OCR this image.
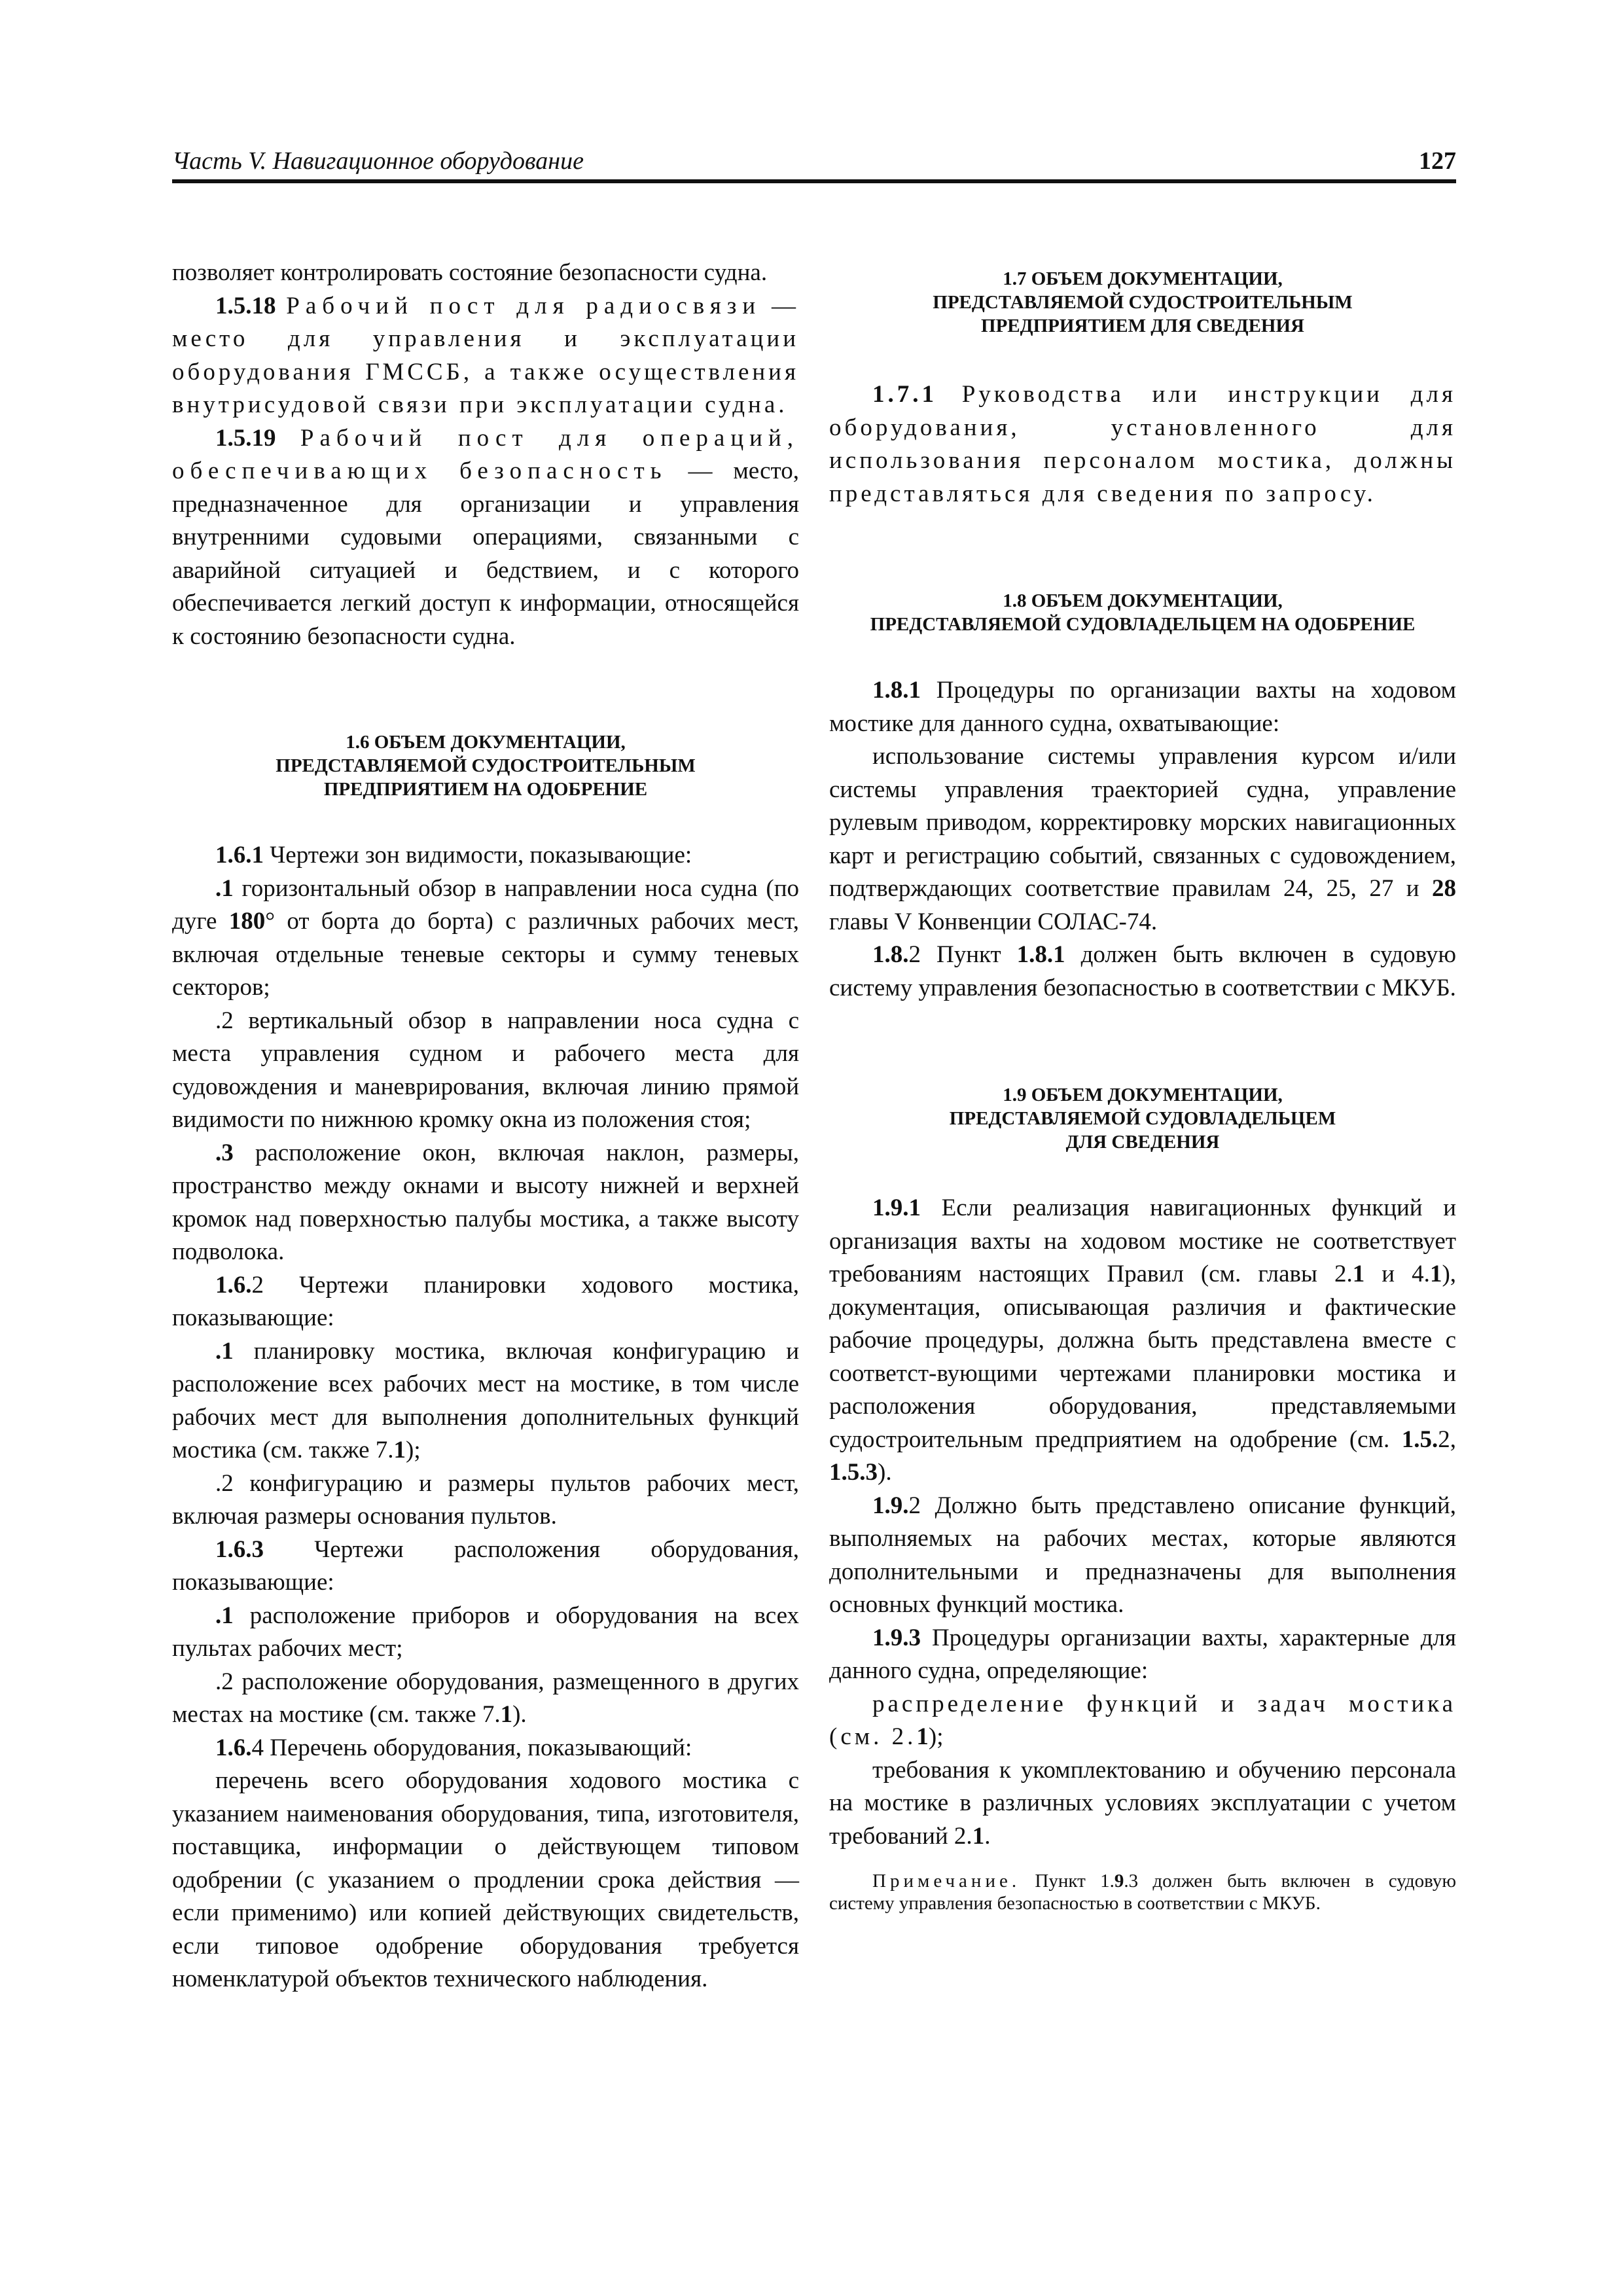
Часть V. Навигационное оборудование	127

позволяет контролировать состояние безопасности судна.

1.5.18 Рабочий пост для радиосвязи — место для управления и эксплуатации оборудования ГМССБ, а также осуществления внутрисудовой связи при эксплуатации судна.

1.5.19 Рабочий пост для операций, обеспечивающих безопасность — место, предназначенное для организации и управления внутренними судовыми операциями, связанными с аварийной ситуацией и бедствием, и с которого обеспечивается легкий доступ к информации, относящейся к состоянию безопасности судна.

1.6 ОБЪЕМ ДОКУМЕНТАЦИИ,
ПРЕДСТАВЛЯЕМОЙ СУДОСТРОИТЕЛЬНЫМ
ПРЕДПРИЯТИЕМ НА ОДОБРЕНИЕ

1.6.1 Чертежи зон видимости, показывающие:

.1 горизонтальный обзор в направлении носа судна (по дуге 180° от борта до борта) с различных рабочих мест, включая отдельные теневые секторы и сумму теневых секторов;

.2 вертикальный обзор в направлении носа судна с места управления судном и рабочего места для судовождения и маневрирования, включая линию прямой видимости по нижнюю кромку окна из положения стоя;

.3 расположение окон, включая наклон, размеры, пространство между окнами и высоту нижней и верхней кромок над поверхностью палубы мостика, а также высоту подволока.

1.6.2 Чертежи планировки ходового мостика, показывающие:

.1 планировку мостика, включая конфигурацию и расположение всех рабочих мест на мостике, в том числе рабочих мест для выполнения дополнительных функций мостика (см. также 7.1);

.2 конфигурацию и размеры пультов рабочих мест, включая размеры основания пультов.

1.6.3 Чертежи расположения оборудования, показывающие:

.1 расположение приборов и оборудования на всех пультах рабочих мест;

.2 расположение оборудования, размещенного в других местах на мостике (см. также 7.1).

1.6.4 Перечень оборудования, показывающий:

перечень всего оборудования ходового мостика с указанием наименования оборудования, типа, изготовителя, поставщика, информации о действующем типовом одобрении (с указанием о продлении срока действия — если применимо) или копией действующих свидетельств, если типовое одобрение оборудования требуется номенклатурой объектов технического наблюдения.

1.7 ОБЪЕМ ДОКУМЕНТАЦИИ,
ПРЕДСТАВЛЯЕМОЙ СУДОСТРОИТЕЛЬНЫМ
ПРЕДПРИЯТИЕМ ДЛЯ СВЕДЕНИЯ

1.7.1 Руководства или инструкции для оборудования, установленного для использования персоналом мостика, должны представляться для сведения по запросу.

1.8 ОБЪЕМ ДОКУМЕНТАЦИИ,
ПРЕДСТАВЛЯЕМОЙ СУДОВЛАДЕЛЬЦЕМ НА ОДОБРЕНИЕ

1.8.1 Процедуры по организации вахты на ходовом мостике для данного судна, охватывающие:

использование системы управления курсом и/или системы управления траекторией судна, управление рулевым приводом, корректировку морских навигационных карт и регистрацию событий, связанных с судовождением, подтверждающих соответствие правилам 24, 25, 27 и 28 главы V Конвенции СОЛАС-74.

1.8.2 Пункт 1.8.1 должен быть включен в судовую систему управления безопасностью в соответствии с МКУБ.

1.9 ОБЪЕМ ДОКУМЕНТАЦИИ,
ПРЕДСТАВЛЯЕМОЙ СУДОВЛАДЕЛЬЦЕМ
ДЛЯ СВЕДЕНИЯ

1.9.1 Если реализация навигационных функций и организация вахты на ходовом мостике не соответствует требованиям настоящих Правил (см. главы 2.1 и 4.1), документация, описывающая различия и фактические рабочие процедуры, должна быть представлена вместе с соответст-вующими чертежами планировки мостика и расположения оборудования, представляемыми судостроительным предприятием на одобрение (см. 1.5.2, 1.5.3).

1.9.2 Должно быть представлено описание функций, выполняемых на рабочих местах, которые являются дополнительными и предназначены для выполнения основных функций мостика.

1.9.3 Процедуры организации вахты, характерные для данного судна, определяющие:

распределение функций и задач мостика (см. 2.1);

требования к укомплектованию и обучению персонала на мостике в различных условиях эксплуатации с учетом требований 2.1.

Примечание. Пункт 1.9.3 должен быть включен в судовую систему управления безопасностью в соответствии с МКУБ.
